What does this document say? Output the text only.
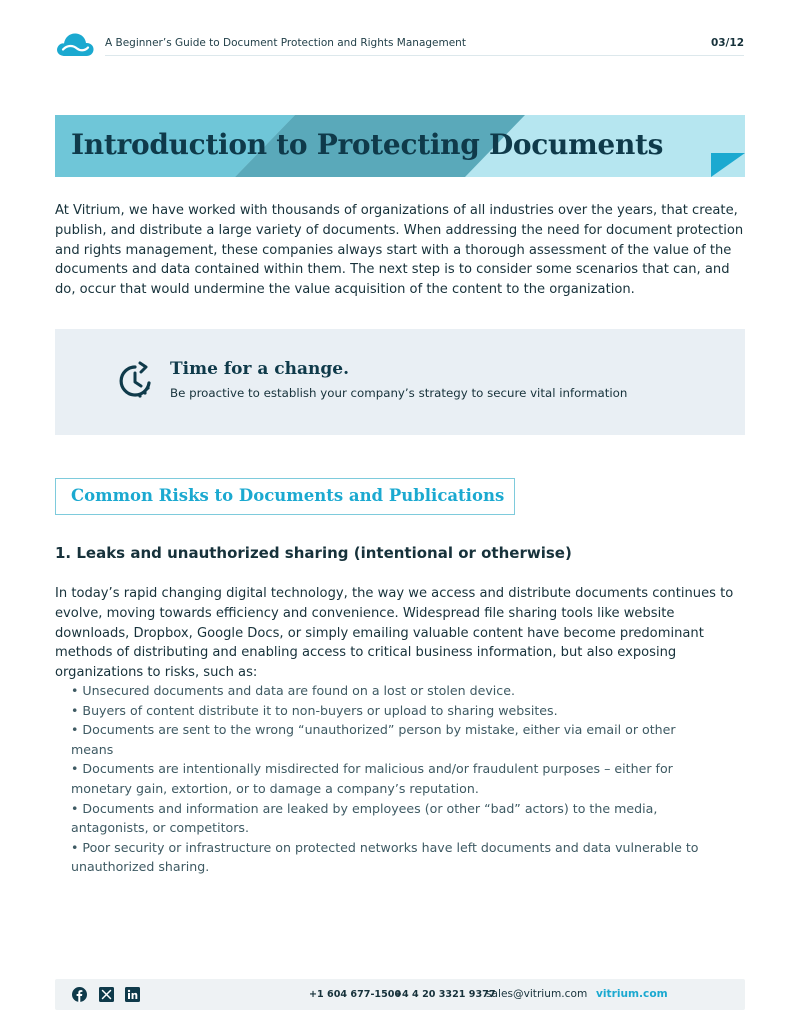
A Beginner’s Guide to Document Protection and Rights Management	03/12
Introduction to Protecting Documents

At Vitrium, we have worked with thousands of organizations of all industries over the years, that create, publish, and distribute a large variety of documents. When addressing the need for document protection and rights management, these companies always start with a thorough assessment of the value of the documents and data contained within them. The next step is to consider some scenarios that can, and do, occur that would undermine the value acquisition of the content to the organization.

Time for a change.
Be proactive to establish your company’s strategy to secure vital information
Common Risks to Documents and Publications
1. Leaks and unauthorized sharing (intentional or otherwise)

In today’s rapid changing digital technology, the way we access and distribute documents continues to evolve, moving towards efficiency and convenience. Widespread file sharing tools like website downloads, Dropbox, Google Docs, or simply emailing valuable content have become predominant methods of distributing and enabling access to critical business information, but also exposing organizations to risks, such as:

• Unsecured documents and data are found on a lost or stolen device.
• Buyers of content distribute it to non-buyers or upload to sharing websites.
• Documents are sent to the wrong “unauthorized” person by mistake, either via email or other means
• Documents are intentionally misdirected for malicious and/or fraudulent purposes – either for monetary gain, extortion, or to damage a company’s reputation.
• Documents and information are leaked by employees (or other “bad” actors) to the media, antagonists, or competitors.
• Poor security or infrastructure on protected networks have left documents and data vulnerable to unauthorized sharing.
+1 604 677-1500
+4 4 20 3321 9377
sales@vitrium.com vitrium.com
